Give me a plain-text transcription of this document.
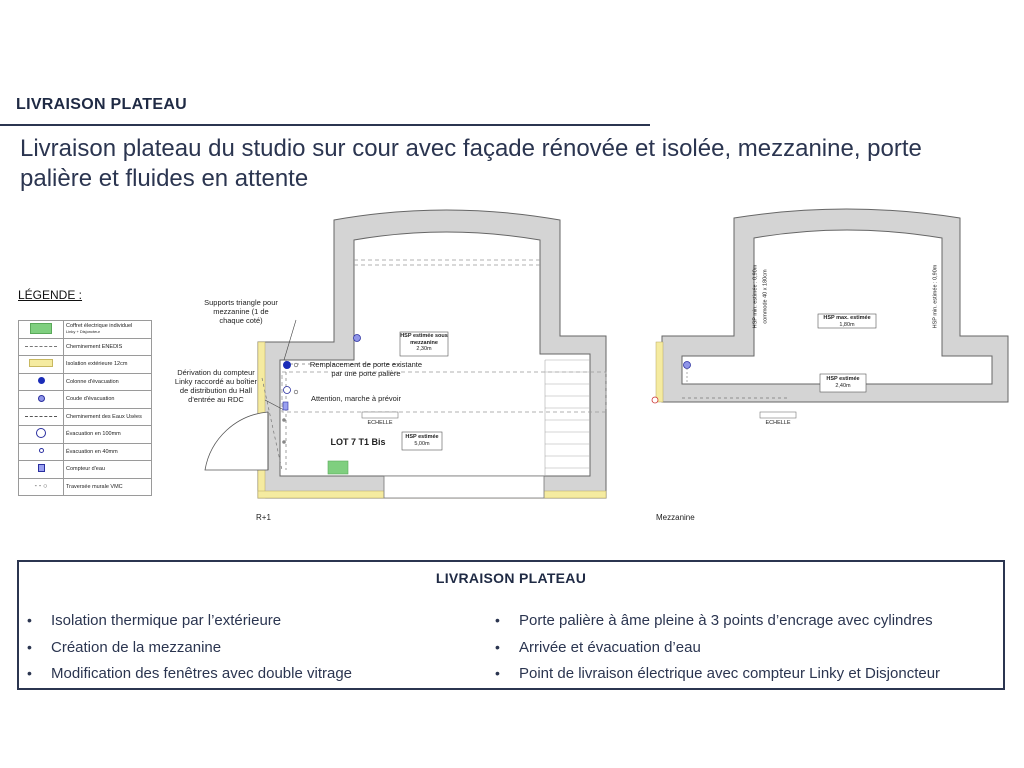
LIVRAISON PLATEAU
Livraison plateau du studio sur cour avec façade rénovée et isolée, mezzanine, porte palière et fluides en attente
LÉGENDE :
	Coffret électrique individuel
Linky + Disjoncteur
	Cheminement ENEDIS
	Isolation extérieure 12cm
	Colonne d'évacuation
	Coude d'évacuation
	Cheminement des Eaux Usées
	Évacuation en 100mm
	Évacuation en 40mm
	Compteur d'eau
- - ○	Traversée murale VMC
Supports triangle pour mezzanine (1 de chaque coté)
Dérivation du compteur Linky raccordé au boîtier de distribution du Hall d'entrée au RDC
Remplacement de porte existante par une porte palière
Attention, marche à prévoir
HSP estimée sous mezzanine
2,30m
HSP estimée
5,00m
LOT 7 T1 Bis
ECHELLE
R+1
HSP min. estimée : 0,90m commode 40 x 180cm	HSP min. estimée : 0,90m
HSP max. estimée
1,80m
HSP estimée
2,40m
ECHELLE
Mezzanine
LIVRAISON PLATEAU
• Isolation thermique par l’extérieure
• Création de la mezzanine
• Modification des fenêtres avec double vitrage
• Porte palière à âme pleine à 3 points d’encrage avec cylindres
• Arrivée et évacuation d’eau
• Point de livraison électrique avec compteur Linky et Disjoncteur
